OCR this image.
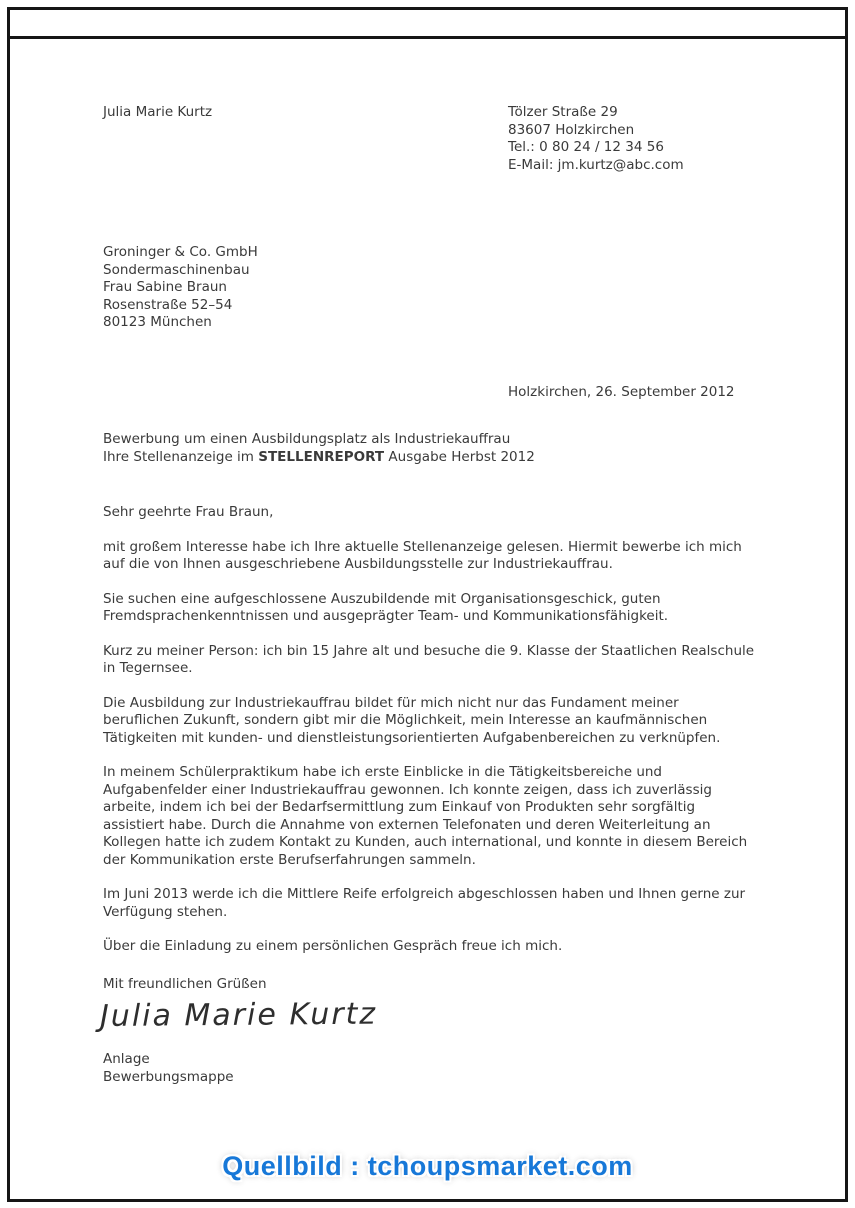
Julia Marie Kurtz	Tölzer Straße 29
83607 Holzkirchen
Tel.: 0 80 24 / 12 34 56
E-Mail: jm.kurtz@abc.com
Groninger & Co. GmbH
Sondermaschinenbau
Frau Sabine Braun
Rosenstraße 52–54
80123 München
Holzkirchen, 26. September 2012
Bewerbung um einen Ausbildungsplatz als Industriekauffrau
Ihre Stellenanzeige im STELLENREPORT Ausgabe Herbst 2012
Sehr geehrte Frau Braun,

mit großem Interesse habe ich Ihre aktuelle Stellenanzeige gelesen. Hiermit bewerbe ich mich auf die von Ihnen ausgeschriebene Ausbildungsstelle zur Industriekauffrau.

Sie suchen eine aufgeschlossene Auszubildende mit Organisationsgeschick, guten Fremdsprachenkenntnissen und ausgeprägter Team- und Kommunikationsfähigkeit.

Kurz zu meiner Person: ich bin 15 Jahre alt und besuche die 9. Klasse der Staatlichen Realschule in Tegernsee.

Die Ausbildung zur Industriekauffrau bildet für mich nicht nur das Fundament meiner beruflichen Zukunft, sondern gibt mir die Möglichkeit, mein Interesse an kaufmännischen Tätigkeiten mit kunden- und dienstleistungsorientierten Aufgabenbereichen zu verknüpfen.

In meinem Schülerpraktikum habe ich erste Einblicke in die Tätigkeitsbereiche und Aufgabenfelder einer Industriekauffrau gewonnen. Ich konnte zeigen, dass ich zuverlässig arbeite, indem ich bei der Bedarfsermittlung zum Einkauf von Produkten sehr sorgfältig assistiert habe. Durch die Annahme von externen Telefonaten und deren Weiterleitung an Kollegen hatte ich zudem Kontakt zu Kunden, auch international, und konnte in diesem Bereich der Kommunikation erste Berufserfahrungen sammeln.

Im Juni 2013 werde ich die Mittlere Reife erfolgreich abgeschlossen haben und Ihnen gerne zur Verfügung stehen.

Über die Einladung zu einem persönlichen Gespräch freue ich mich.

Mit freundlichen Grüßen
Julia Marie Kurtz
Anlage
Bewerbungsmappe
Quellbild : tchoupsmarket.com
